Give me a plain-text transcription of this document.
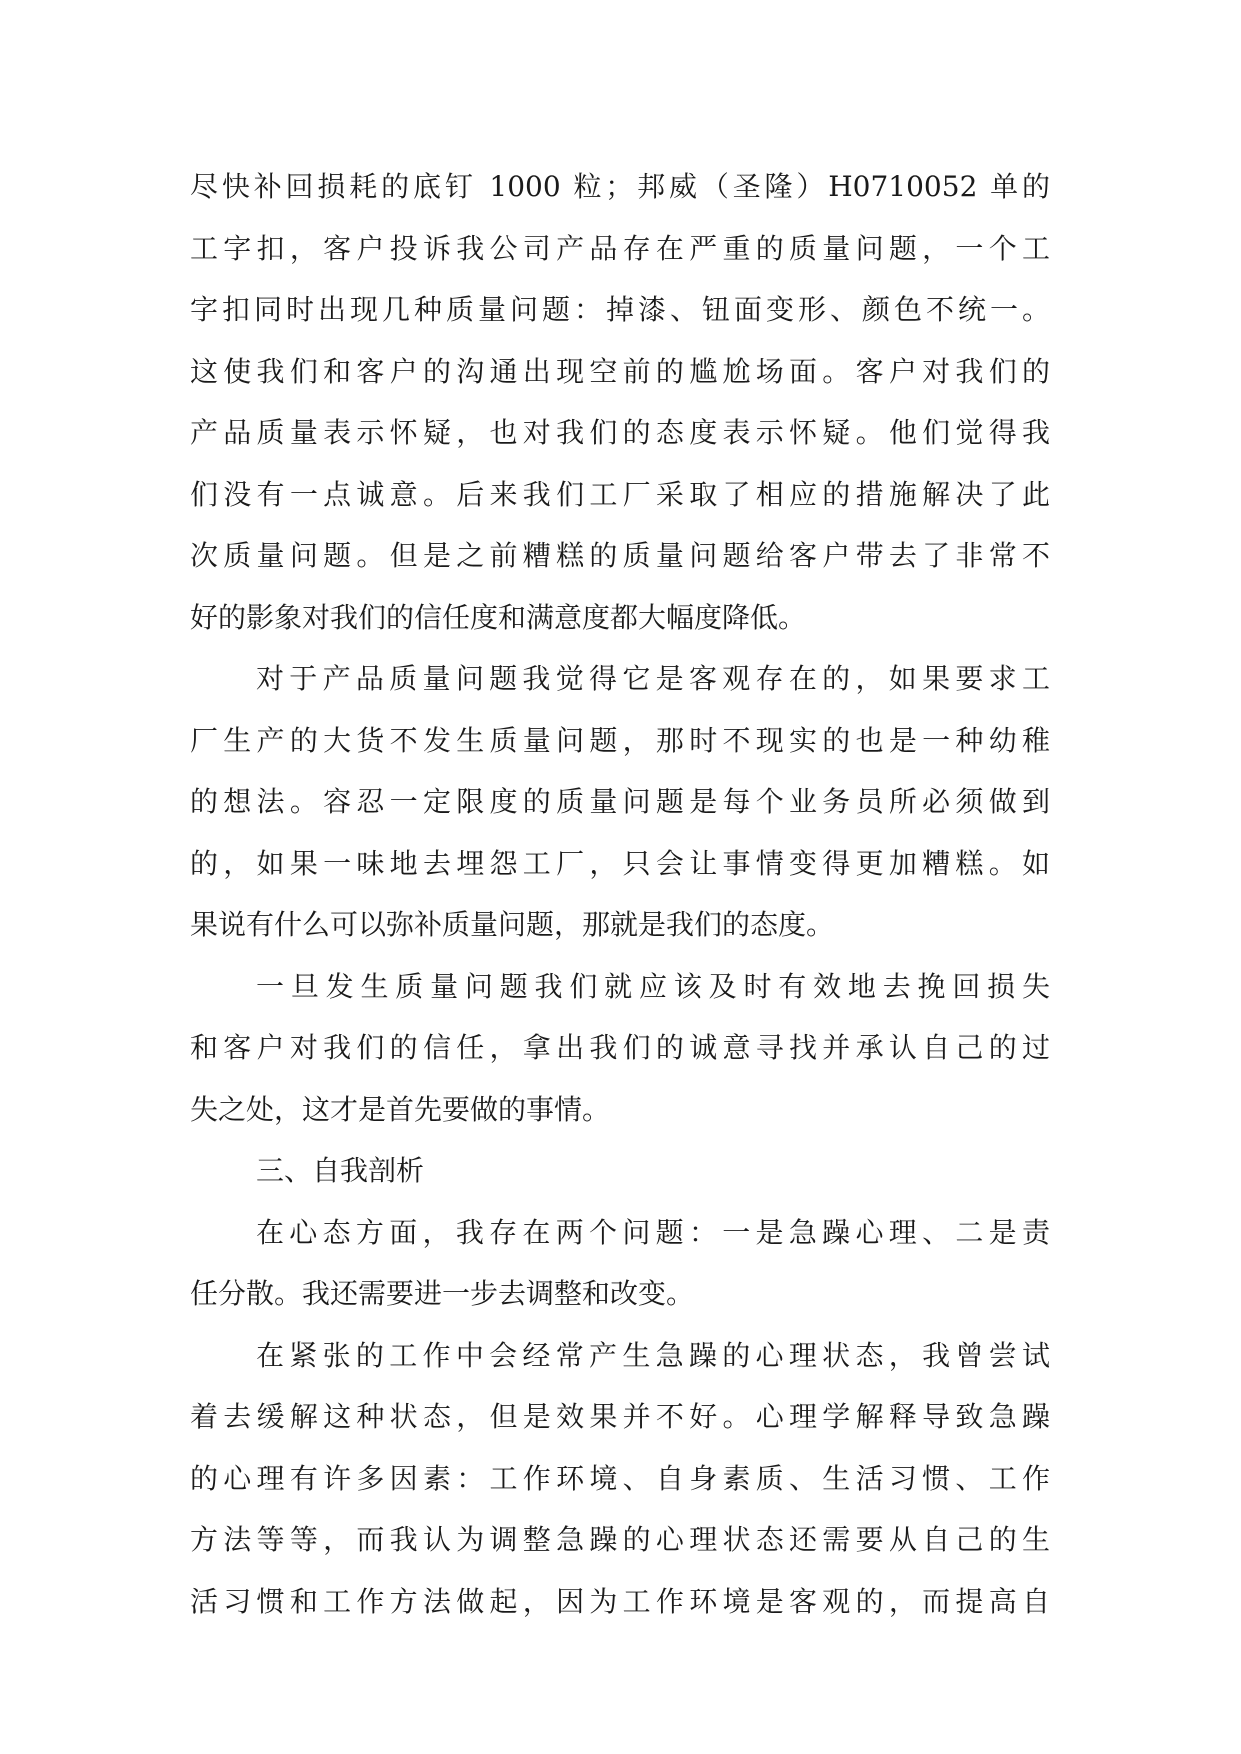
尽快补回损耗的底钉 1000 粒；邦威（圣隆）H0710052 单的
工字扣，客户投诉我公司产品存在严重的质量问题，一个工
字扣同时出现几种质量问题：掉漆、钮面变形、颜色不统一。
这使我们和客户的沟通出现空前的尴尬场面。客户对我们的
产品质量表示怀疑，也对我们的态度表示怀疑。他们觉得我
们没有一点诚意。后来我们工厂采取了相应的措施解决了此
次质量问题。但是之前糟糕的质量问题给客户带去了非常不
好的影象对我们的信任度和满意度都大幅度降低。
对于产品质量问题我觉得它是客观存在的，如果要求工
厂生产的大货不发生质量问题，那时不现实的也是一种幼稚
的想法。容忍一定限度的质量问题是每个业务员所必须做到
的，如果一味地去埋怨工厂，只会让事情变得更加糟糕。如
果说有什么可以弥补质量问题，那就是我们的态度。
一旦发生质量问题我们就应该及时有效地去挽回损失
和客户对我们的信任，拿出我们的诚意寻找并承认自己的过
失之处，这才是首先要做的事情。
三、自我剖析
在心态方面，我存在两个问题：一是急躁心理、二是责
任分散。我还需要进一步去调整和改变。
在紧张的工作中会经常产生急躁的心理状态，我曾尝试
着去缓解这种状态，但是效果并不好。心理学解释导致急躁
的心理有许多因素：工作环境、自身素质、生活习惯、工作
方法等等，而我认为调整急躁的心理状态还需要从自己的生
活习惯和工作方法做起，因为工作环境是客观的，而提高自
